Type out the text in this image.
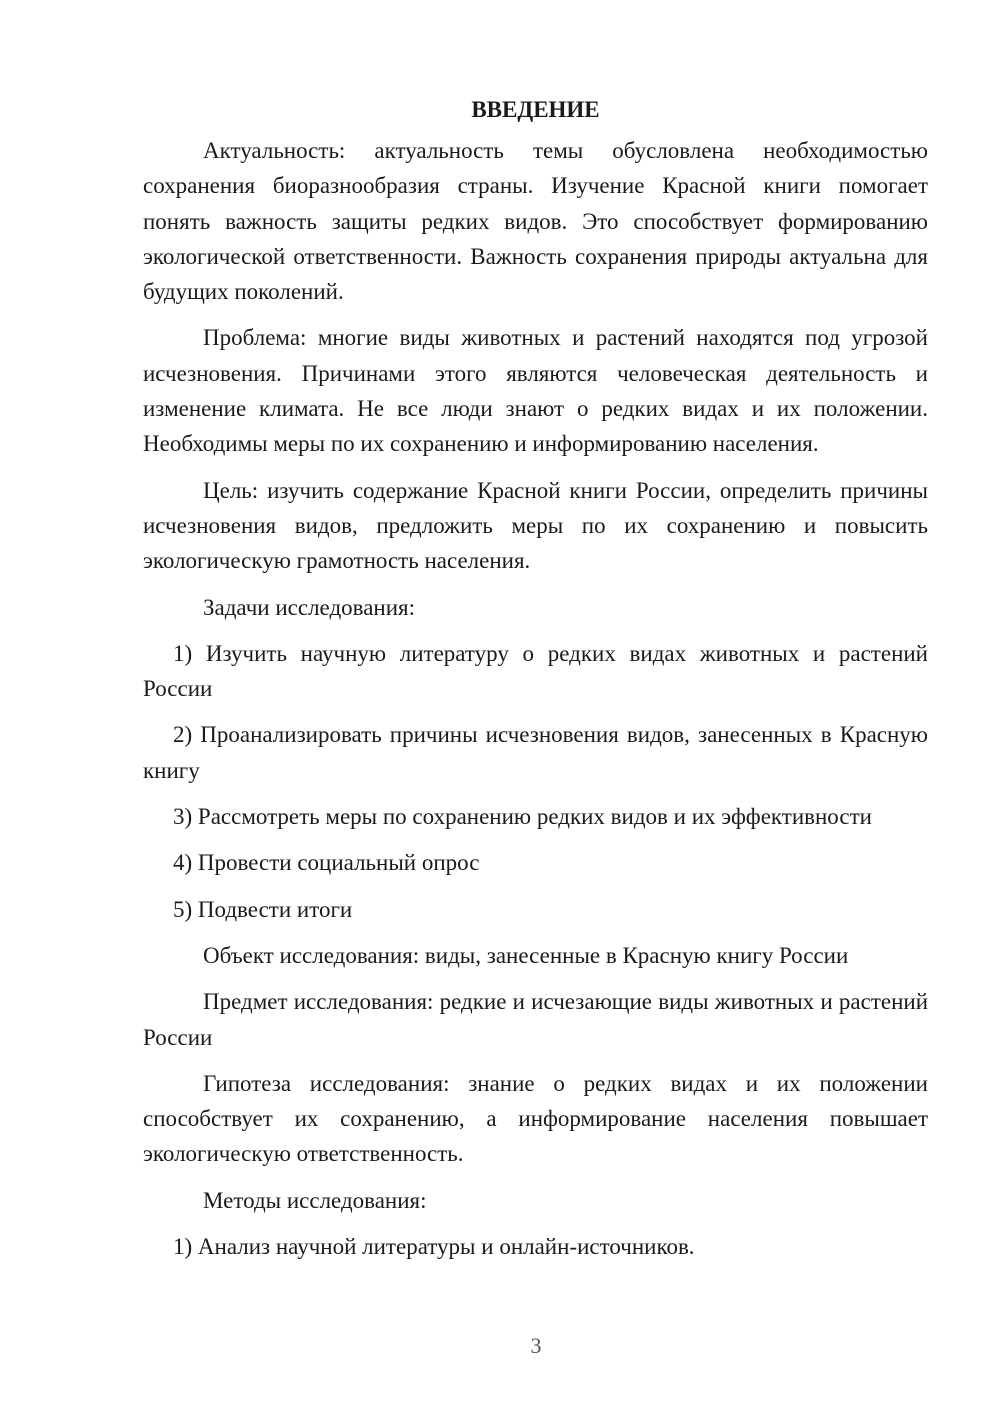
ВВЕДЕНИЕ

Актуальность: актуальность темы обусловлена необходимостью сохранения биоразнообразия страны. Изучение Красной книги помогает понять важность защиты редких видов. Это способствует формированию экологической ответственности. Важность сохранения природы актуальна для будущих поколений.

Проблема: многие виды животных и растений находятся под угрозой исчезновения. Причинами этого являются человеческая деятельность и изменение климата. Не все люди знают о редких видах и их положении. Необходимы меры по их сохранению и информированию населения.

Цель: изучить содержание Красной книги России, определить причины исчезновения видов, предложить меры по их сохранению и повысить экологическую грамотность населения.

Задачи исследования:

1) Изучить научную литературу о редких видах животных и растений России

2) Проанализировать причины исчезновения видов, занесенных в Красную книгу

3) Рассмотреть меры по сохранению редких видов и их эффективности

4) Провести социальный опрос

5) Подвести итоги

Объект исследования: виды, занесенные в Красную книгу России

Предмет исследования: редкие и исчезающие виды животных и растений России

Гипотеза исследования: знание о редких видах и их положении способствует их сохранению, а информирование населения повышает экологическую ответственность.

Методы исследования:

1) Анализ научной литературы и онлайн-источников.

3
